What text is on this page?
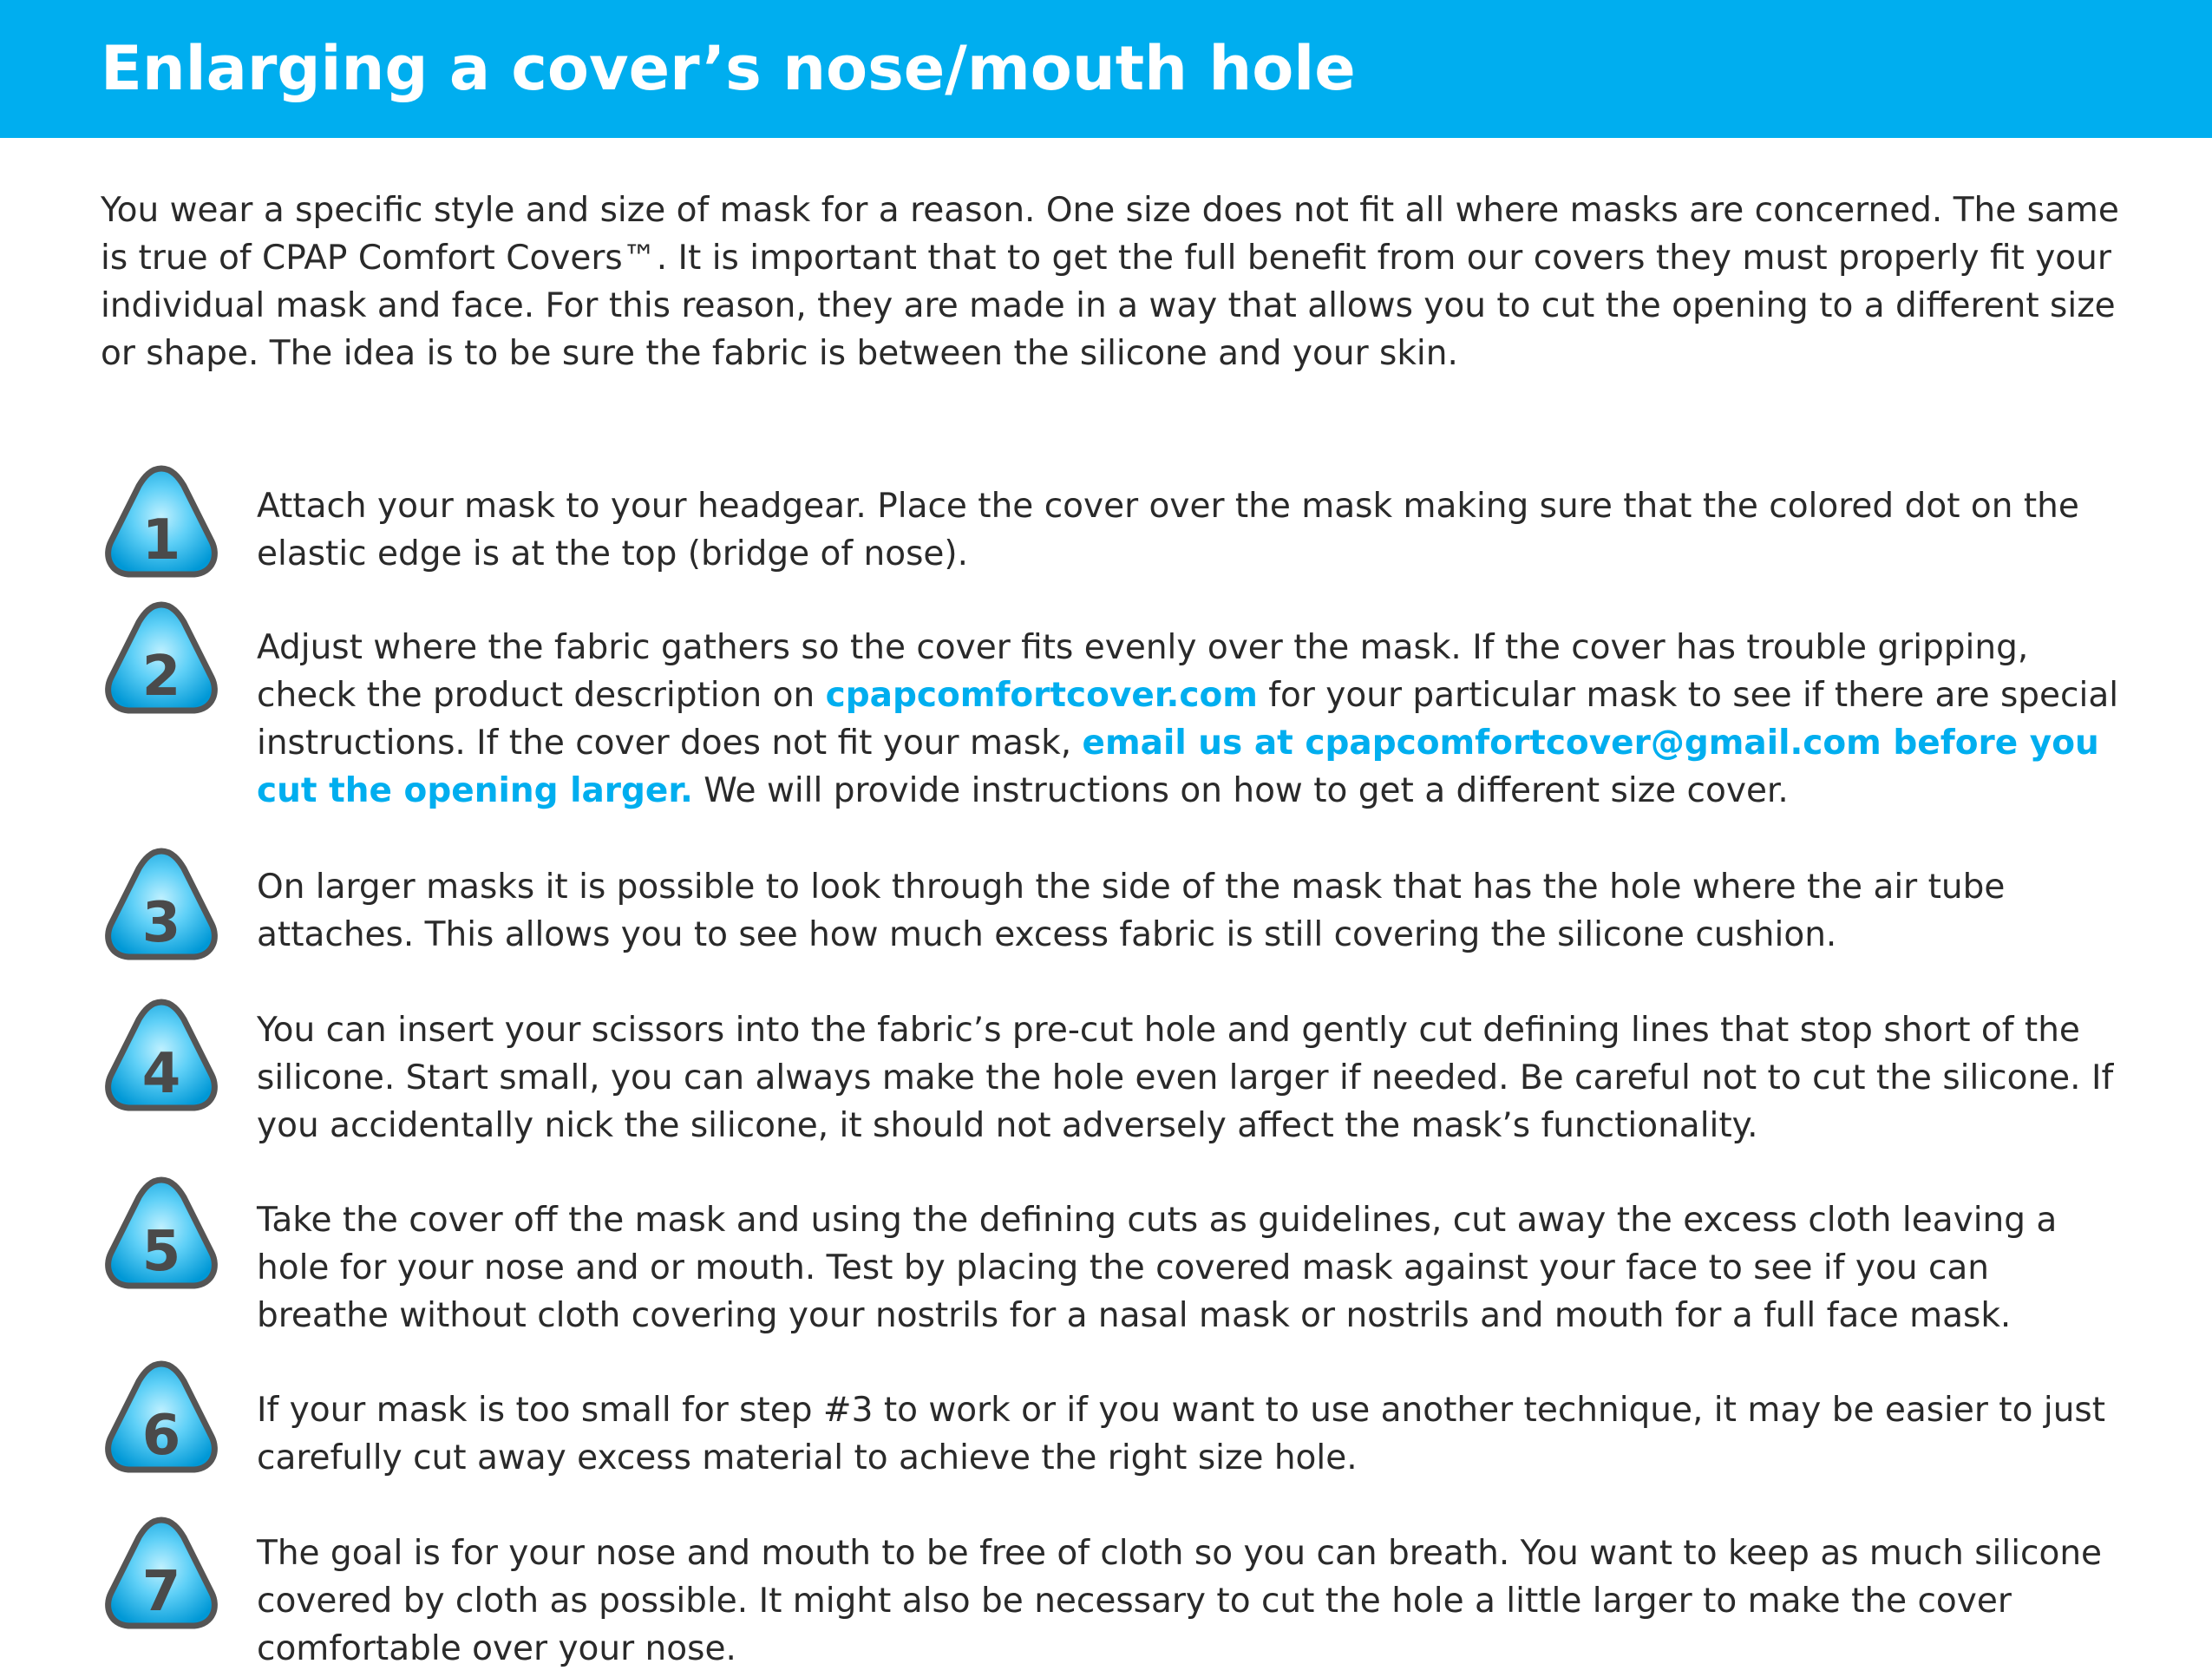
Enlarging a cover’s nose/mouth hole

You wear a specific style and size of mask for a reason. One size does not fit all where masks are concerned. The same is true of CPAP Comfort Covers™. It is important that to get the full benefit from our covers they must properly fit your individual mask and face. For this reason, they are made in a way that allows you to cut the opening to a different size or shape. The idea is to be sure the fabric is between the silicone and your skin.

1

Attach your mask to your headgear. Place the cover over the mask making sure that the colored dot on the elastic edge is at the top (bridge of nose).

2 Adjust where the fabric gathers so the cover fits evenly over the mask. If the cover has trouble gripping, check the product description on cpapcomfortcover.com for your particular mask to see if there are special instructions. If the cover does not fit your mask, email us at cpapcomfortcover@gmail.com before you cut the opening larger. We will provide instructions on how to get a different size cover.

3

On larger masks it is possible to look through the side of the mask that has the hole where the air tube attaches. This allows you to see how much excess fabric is still covering the silicone cushion.

4

You can insert your scissors into the fabric’s pre-cut hole and gently cut defining lines that stop short of the silicone. Start small, you can always make the hole even larger if needed. Be careful not to cut the silicone. If you accidentally nick the silicone, it should not adversely affect the mask’s functionality.

5 Take the cover off the mask and using the defining cuts as guidelines, cut away the excess cloth leaving a hole for your nose and or mouth. Test by placing the covered mask against your face to see if you can breathe without cloth covering your nostrils for a nasal mask or nostrils and mouth for a full face mask.

6 If your mask is too small for step #3 to work or if you want to use another technique, it may be easier to just carefully cut away excess material to achieve the right size hole.

7

The goal is for your nose and mouth to be free of cloth so you can breath. You want to keep as much silicone covered by cloth as possible. It might also be necessary to cut the hole a little larger to make the cover comfortable over your nose.
